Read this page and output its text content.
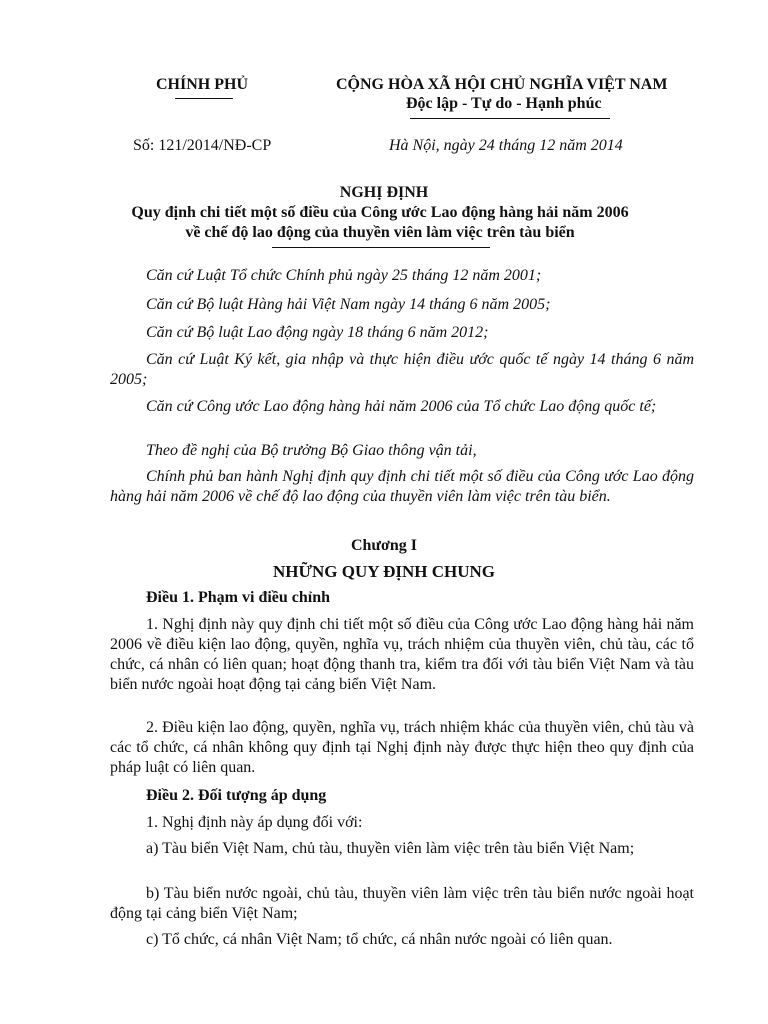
CHÍNH PHỦ	CỘNG HÒA XÃ HỘI CHỦ NGHĨA VIỆT NAM
Độc lập - Tự do - Hạnh phúc
Số: 121/2014/NĐ-CP	Hà Nội, ngày 24 tháng 12 năm 2014
NGHỊ ĐỊNH
Quy định chi tiết một số điều của Công ước Lao động hàng hải năm 2006
về chế độ lao động của thuyền viên làm việc trên tàu biển
Căn cứ Luật Tổ chức Chính phủ ngày 25 tháng 12 năm 2001;
Căn cứ Bộ luật Hàng hải Việt Nam ngày 14 tháng 6 năm 2005;
Căn cứ Bộ luật Lao động ngày 18 tháng 6 năm 2012;
Căn cứ Luật Ký kết, gia nhập và thực hiện điều ước quốc tế ngày 14 tháng 6 năm 2005;
Căn cứ Công ước Lao động hàng hải năm 2006 của Tổ chức Lao động quốc tế;
Theo đề nghị của Bộ trưởng Bộ Giao thông vận tải,
Chính phủ ban hành Nghị định quy định chi tiết một số điều của Công ước Lao động hàng hải năm 2006 về chế độ lao động của thuyền viên làm việc trên tàu biển.
Chương I
NHỮNG QUY ĐỊNH CHUNG
Điều 1. Phạm vi điều chỉnh
1. Nghị định này quy định chi tiết một số điều của Công ước Lao động hàng hải năm 2006 về điều kiện lao động, quyền, nghĩa vụ, trách nhiệm của thuyền viên, chủ tàu, các tổ chức, cá nhân có liên quan; hoạt động thanh tra, kiểm tra đối với tàu biển Việt Nam và tàu biển nước ngoài hoạt động tại cảng biển Việt Nam.
2. Điều kiện lao động, quyền, nghĩa vụ, trách nhiệm khác của thuyền viên, chủ tàu và các tổ chức, cá nhân không quy định tại Nghị định này được thực hiện theo quy định của pháp luật có liên quan.
Điều 2. Đối tượng áp dụng
1. Nghị định này áp dụng đối với:
a) Tàu biển Việt Nam, chủ tàu, thuyền viên làm việc trên tàu biển Việt Nam;
b) Tàu biển nước ngoài, chủ tàu, thuyền viên làm việc trên tàu biển nước ngoài hoạt động tại cảng biển Việt Nam;
c) Tổ chức, cá nhân Việt Nam; tổ chức, cá nhân nước ngoài có liên quan.
